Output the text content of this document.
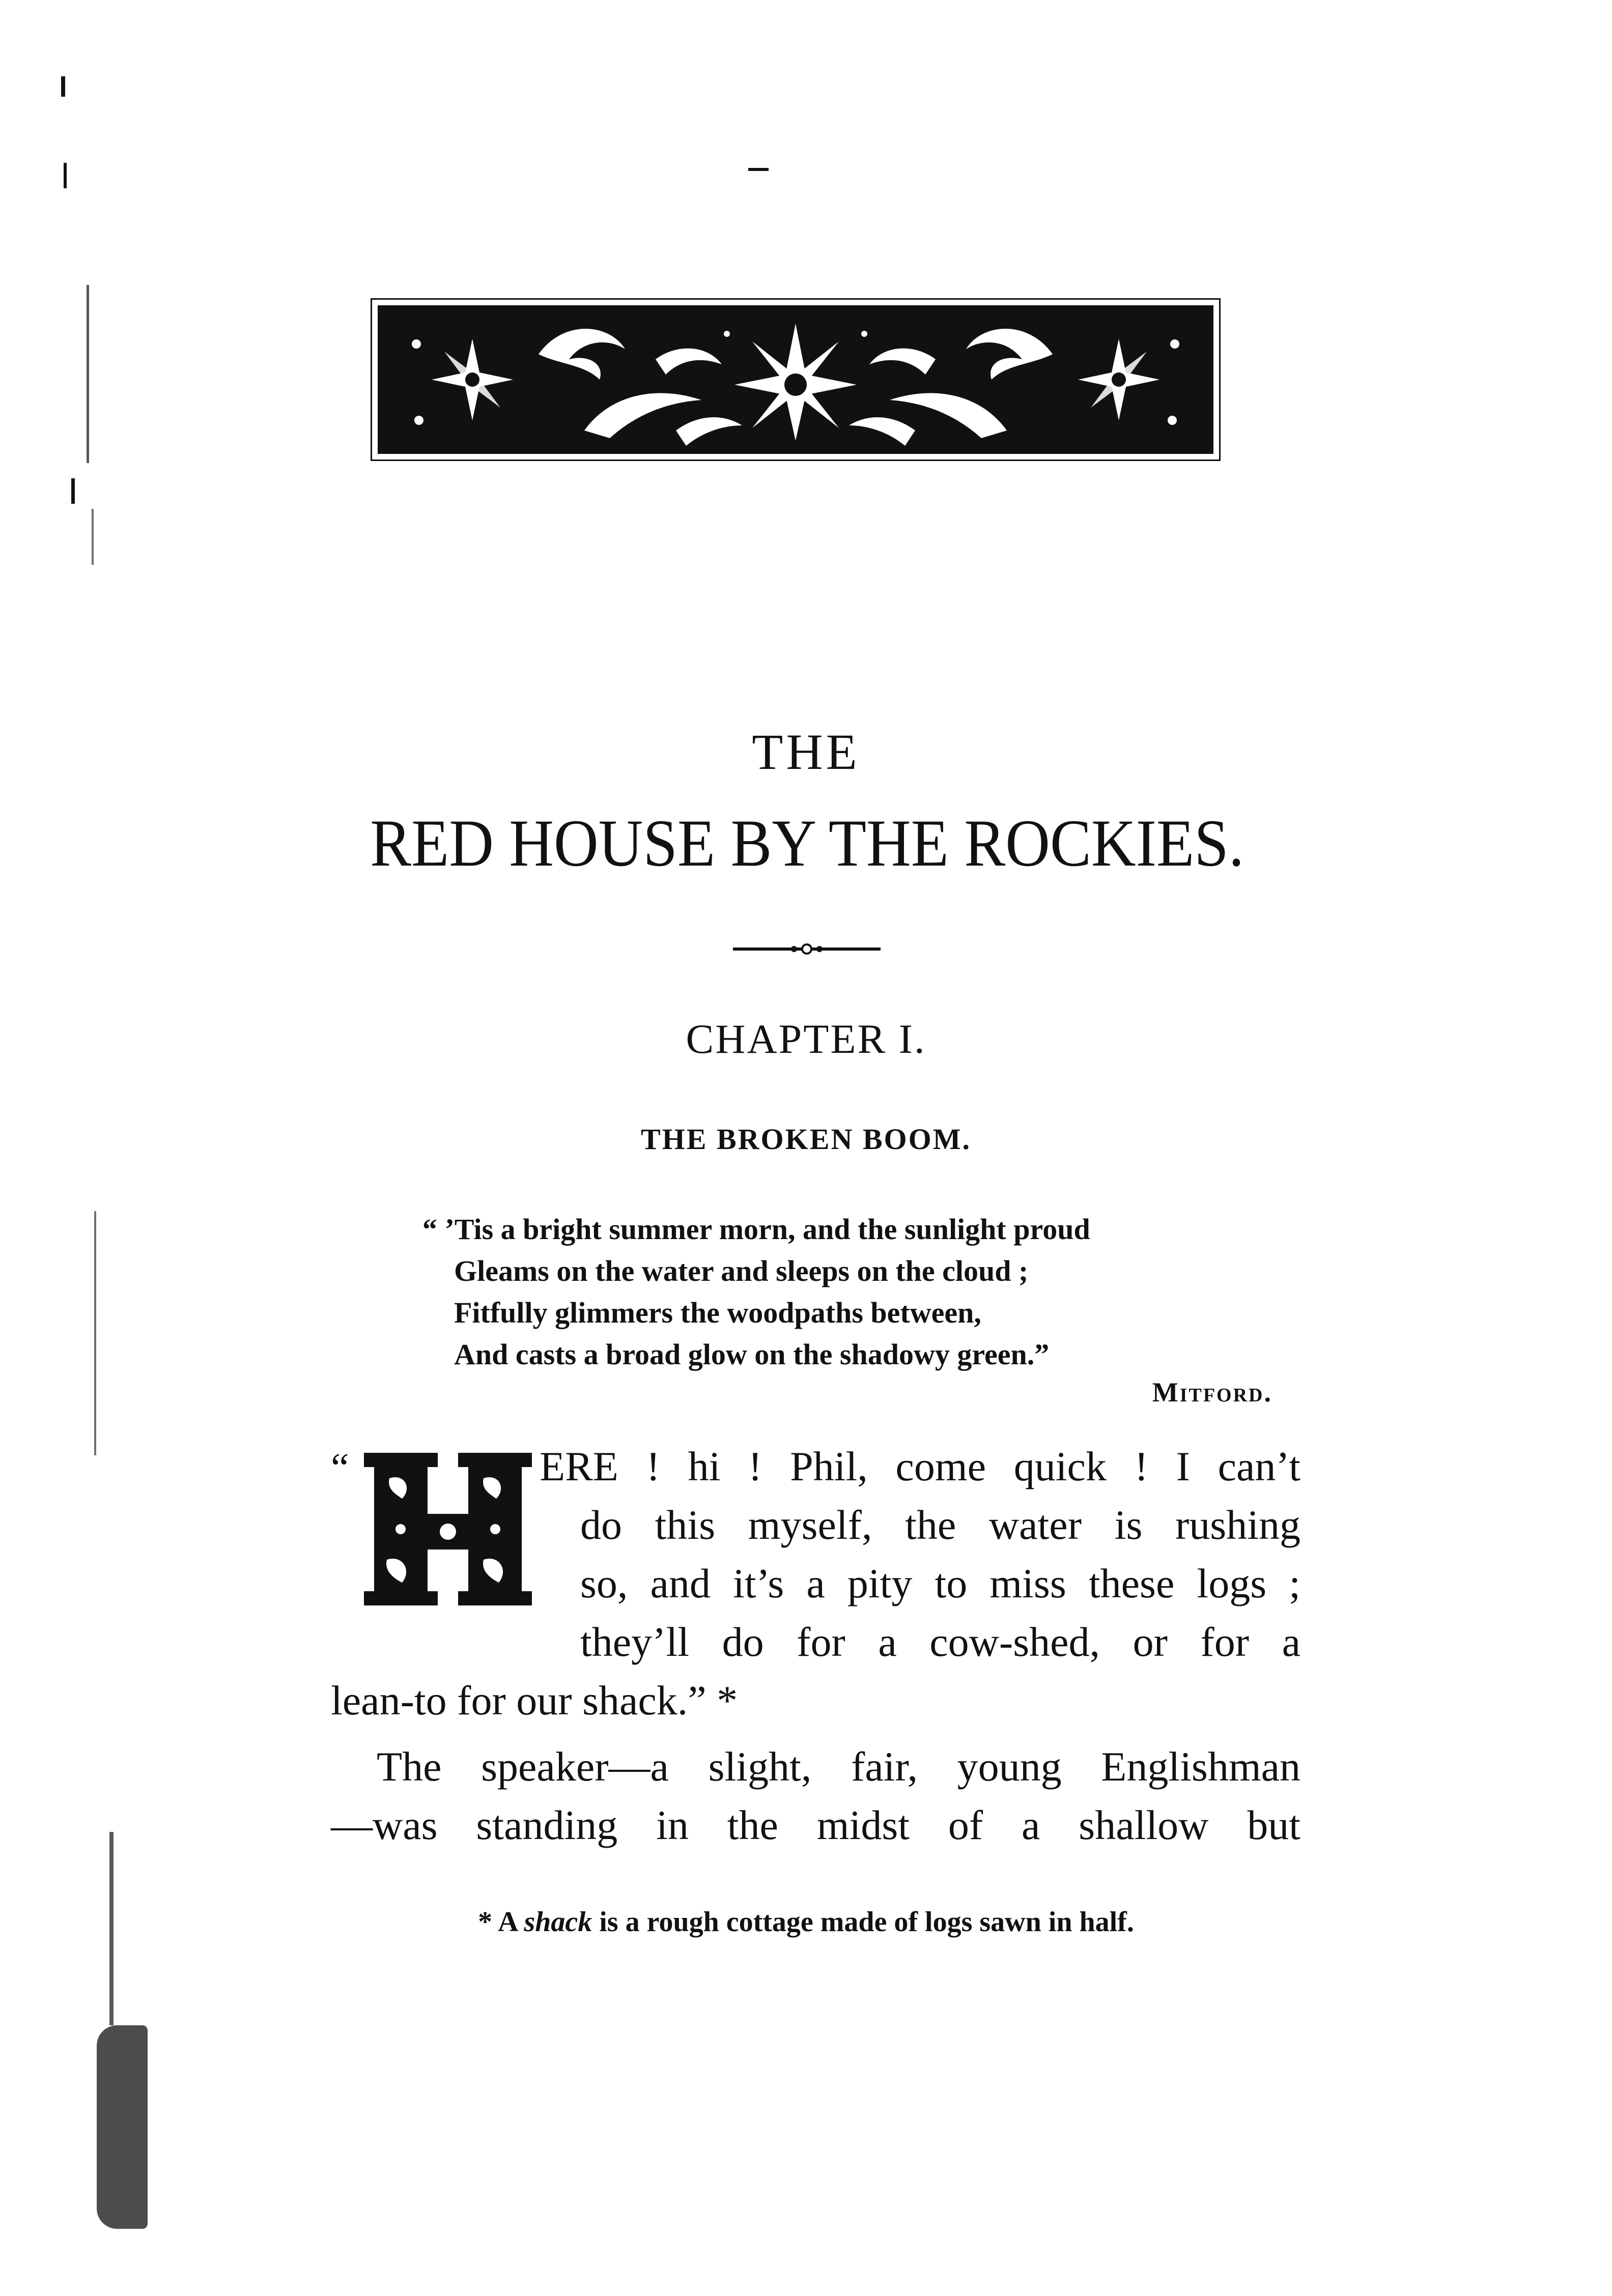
THE
RED HOUSE BY THE ROCKIES.
CHAPTER I.
THE BROKEN BOOM.
“ ’Tis a bright summer morn, and the sunlight proud
Gleams on the water and sleeps on the cloud ;
Fitfully glimmers the woodpaths between,
And casts a broad glow on the shadowy green.”
Mitford.
“	ERE ! hi ! Phil, come quick ! I can’t
do this myself, the water is rushing
so, and it’s a pity to miss these logs ;
they’ll do for a cow-shed, or for a
lean-to for our shack.” *
The speaker—a slight, fair, young Englishman
—was standing in the midst of a shallow but
* A shack is a rough cottage made of logs sawn in half.
